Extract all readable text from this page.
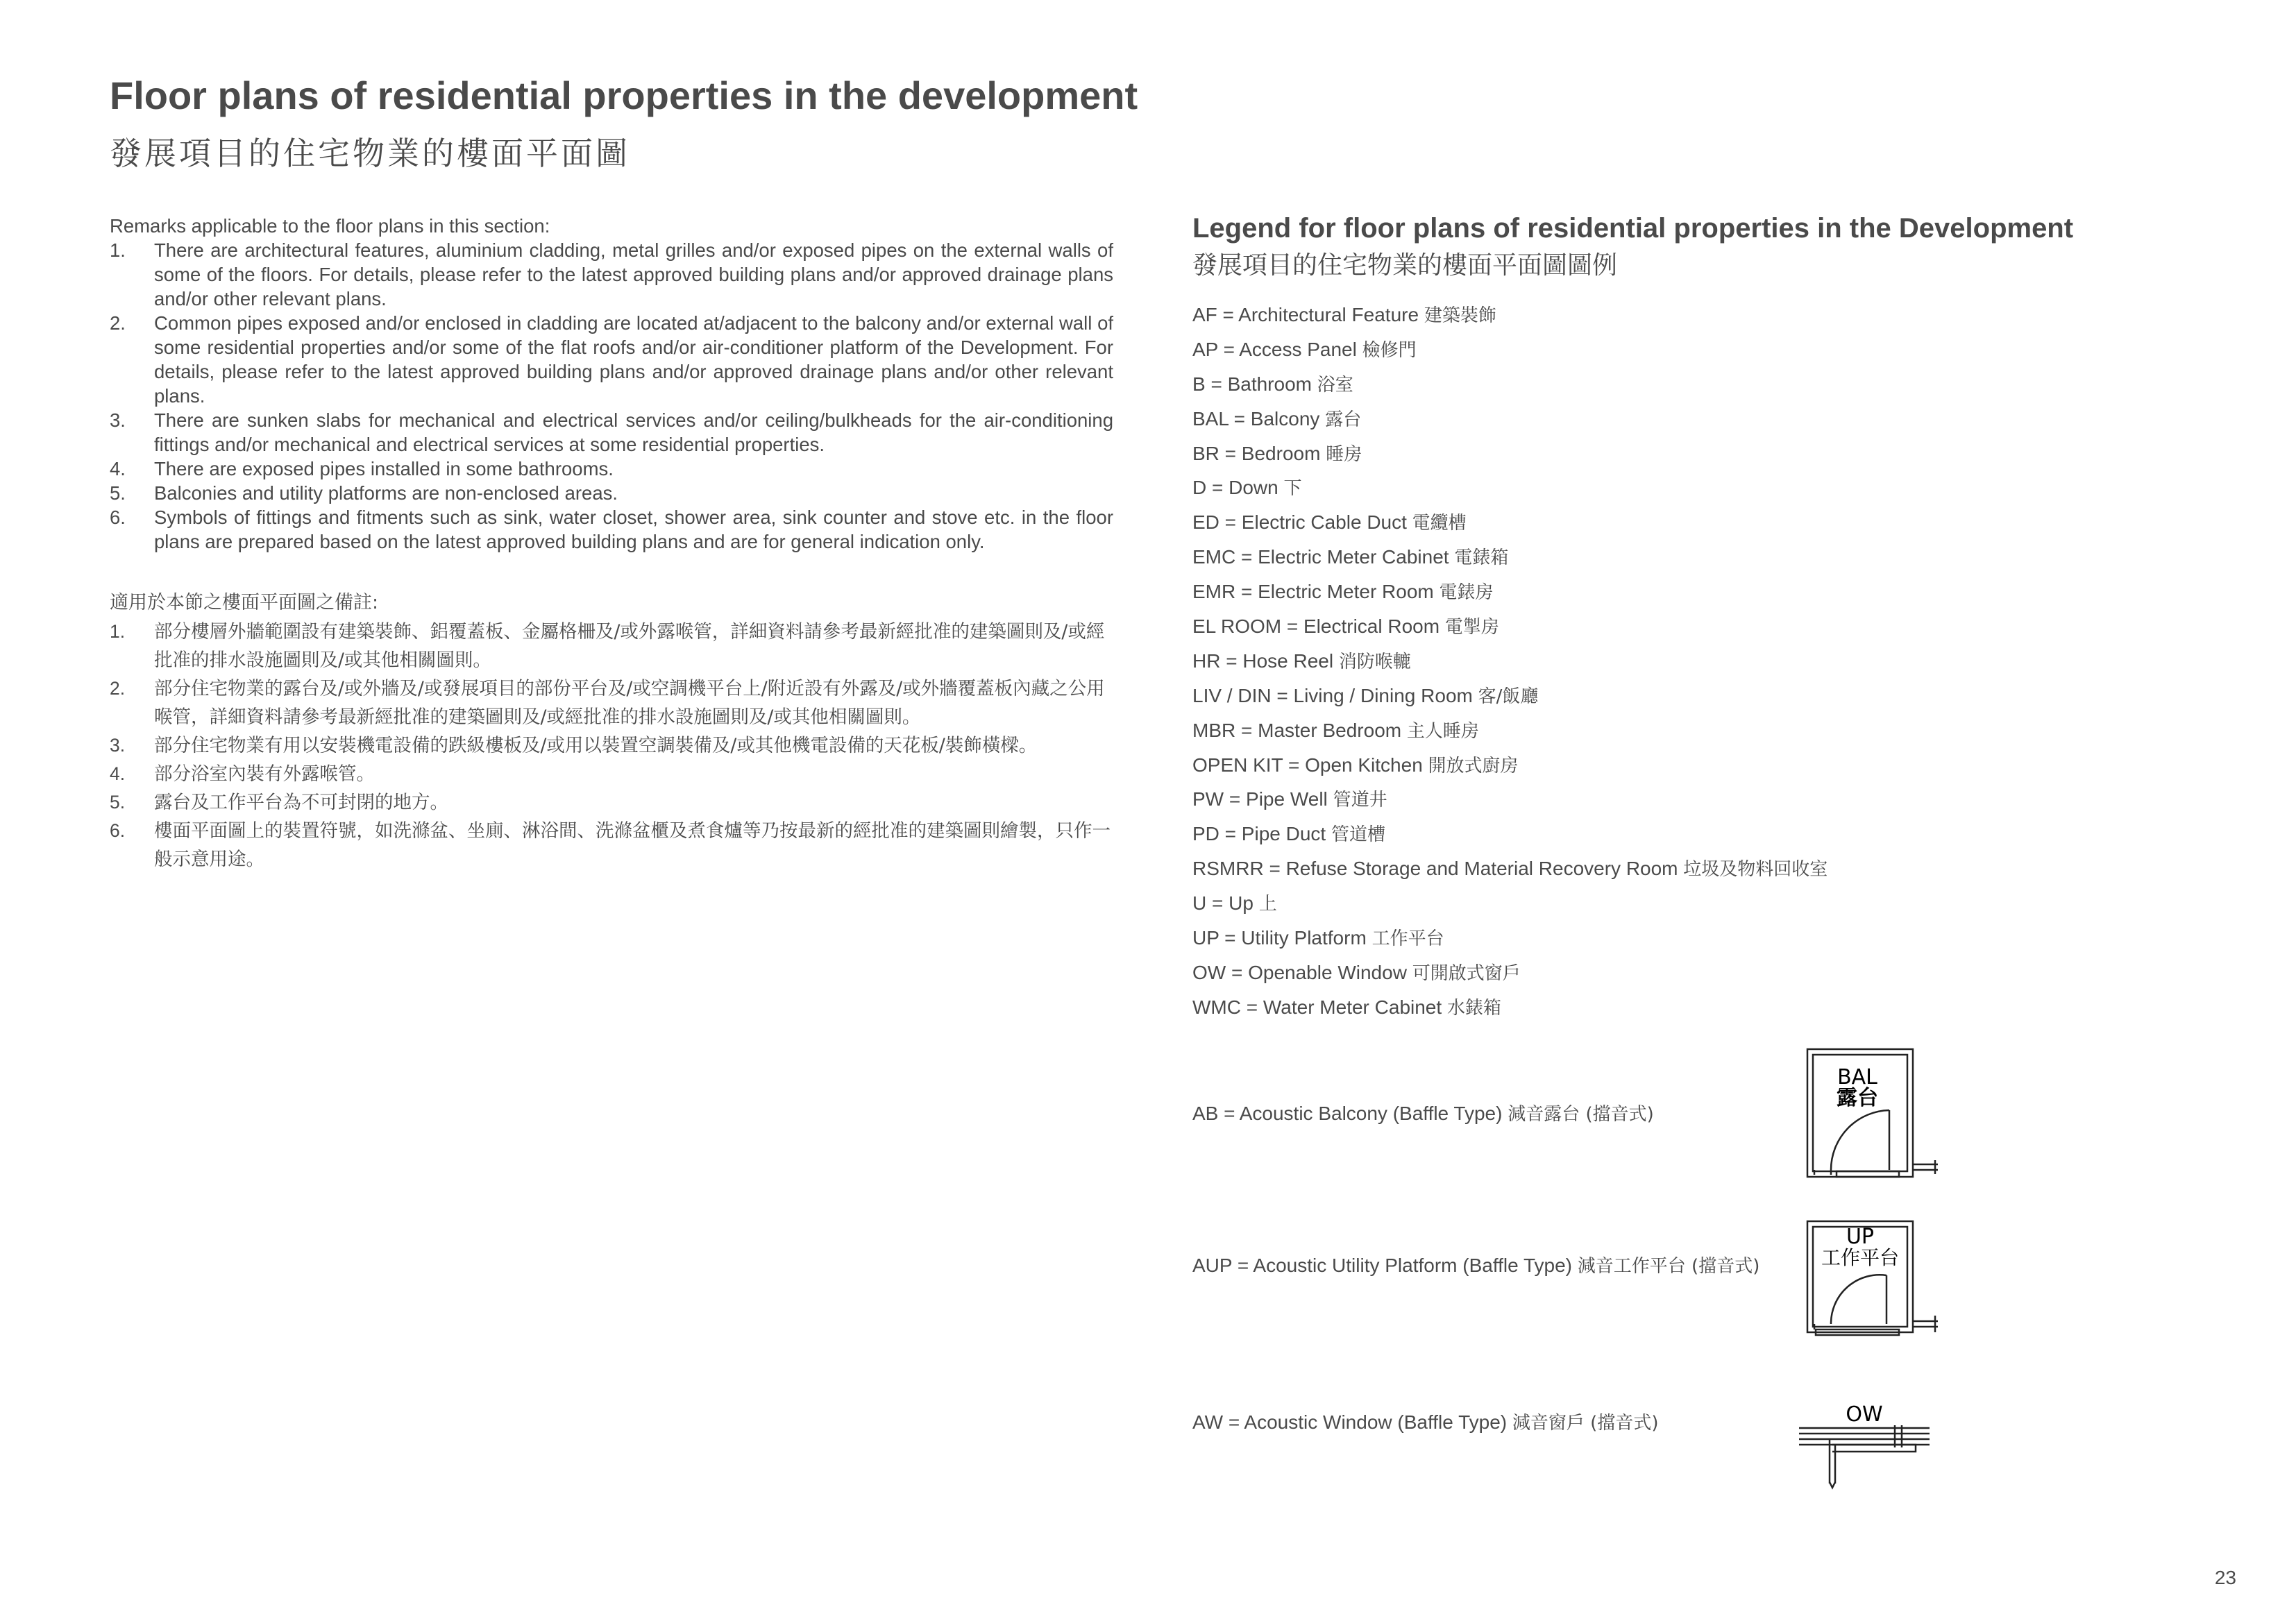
Floor plans of residential properties in the development
發展項目的住宅物業的樓面平面圖

Remarks applicable to the floor plans in this section:

1. There are architectural features, aluminium cladding, metal grilles and/or exposed pipes on the external walls of some of the floors. For details, please refer to the latest approved building plans and/or approved drainage plans and/or other relevant plans.
2. Common pipes exposed and/or enclosed in cladding are located at/adjacent to the balcony and/or external wall of some residential properties and/or some of the flat roofs and/or air-conditioner platform of the Development. For details, please refer to the latest approved building plans and/or approved drainage plans and/or other relevant plans.
3. There are sunken slabs for mechanical and electrical services and/or ceiling/bulkheads for the air-conditioning fittings and/or mechanical and electrical services at some residential properties.
4. There are exposed pipes installed in some bathrooms.
5. Balconies and utility platforms are non-enclosed areas.
6. Symbols of fittings and fitments such as sink, water closet, shower area, sink counter and stove etc. in the floor plans are prepared based on the latest approved building plans and are for general indication only.

適用於本節之樓面平面圖之備註:

1. 部分樓層外牆範圍設有建築裝飾、鋁覆蓋板、金屬格柵及/或外露喉管，詳細資料請參考最新經批准的建築圖則及/或經批准的排水設施圖則及/或其他相關圖則。
2. 部分住宅物業的露台及/或外牆及/或發展項目的部份平台及/或空調機平台上/附近設有外露及/或外牆覆蓋板內藏之公用喉管，詳細資料請參考最新經批准的建築圖則及/或經批准的排水設施圖則及/或其他相關圖則。
3. 部分住宅物業有用以安裝機電設備的跌級樓板及/或用以裝置空調裝備及/或其他機電設備的天花板/裝飾橫樑。
4. 部分浴室內裝有外露喉管。
5. 露台及工作平台為不可封閉的地方。
6. 樓面平面圖上的裝置符號，如洗滌盆、坐廁、淋浴間、洗滌盆櫃及煮食爐等乃按最新的經批准的建築圖則繪製，只作一般示意用途。
Legend for floor plans of residential properties in the Development
發展項目的住宅物業的樓面平面圖圖例
AF = Architectural Feature 建築裝飾
AP = Access Panel 檢修門
B = Bathroom 浴室
BAL = Balcony 露台
BR = Bedroom 睡房
D = Down 下
ED = Electric Cable Duct 電纜槽
EMC = Electric Meter Cabinet 電錶箱
EMR = Electric Meter Room 電錶房
EL ROOM = Electrical Room 電掣房
HR = Hose Reel 消防喉轆
LIV / DIN = Living / Dining Room 客/飯廳
MBR = Master Bedroom 主人睡房
OPEN KIT = Open Kitchen 開放式廚房
PW = Pipe Well 管道井
PD = Pipe Duct 管道槽
RSMRR = Refuse Storage and Material Recovery Room 垃圾及物料回收室
U = Up 上
UP = Utility Platform 工作平台
OW = Openable Window 可開啟式窗戶
WMC = Water Meter Cabinet 水錶箱
AB = Acoustic Balcony (Baffle Type) 減音露台 (擋音式)
BAL
露台
AUP = Acoustic Utility Platform (Baffle Type) 減音工作平台 (擋音式)
UP
工作平台
AW = Acoustic Window (Baffle Type) 減音窗戶 (擋音式)	OW
23
